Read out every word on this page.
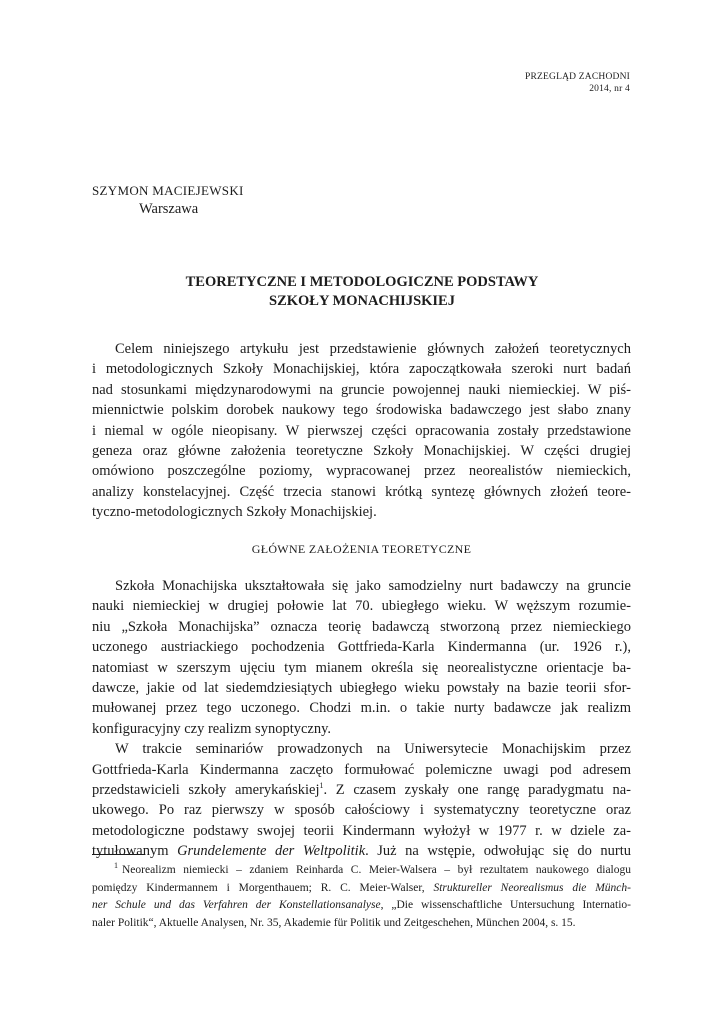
PRZEGLĄD ZACHODNI
2014, nr 4
SZYMON MACIEJEWSKI
Warszawa
TEORETYCZNE I METODOLOGICZNE PODSTAWY
SZKOŁY MONACHIJSKIEJ
Celem niniejszego artykułu jest przedstawienie głównych założeń teoretycznych
i metodologicznych Szkoły Monachijskiej, która zapoczątkowała szeroki nurt badań
nad stosunkami międzynarodowymi na gruncie powojennej nauki niemieckiej. W piś-
miennictwie polskim dorobek naukowy tego środowiska badawczego jest słabo znany
i niemal w ogóle nieopisany. W pierwszej części opracowania zostały przedstawione
geneza oraz główne założenia teoretyczne Szkoły Monachijskiej. W części drugiej
omówiono poszczególne poziomy, wypracowanej przez neorealistów niemieckich,
analizy konstelacyjnej. Część trzecia stanowi krótką syntezę głównych złożeń teore-
tyczno-metodologicznych Szkoły Monachijskiej.
GŁÓWNE ZAŁOŻENIA TEORETYCZNE
Szkoła Monachijska ukształtowała się jako samodzielny nurt badawczy na gruncie
nauki niemieckiej w drugiej połowie lat 70. ubiegłego wieku. W węższym rozumie-
niu „Szkoła Monachijska” oznacza teorię badawczą stworzoną przez niemieckiego
uczonego austriackiego pochodzenia Gottfrieda-Karla Kindermanna (ur. 1926 r.),
natomiast w szerszym ujęciu tym mianem określa się neorealistyczne orientacje ba-
dawcze, jakie od lat siedemdziesiątych ubiegłego wieku powstały na bazie teorii sfor-
mułowanej przez tego uczonego. Chodzi m.in. o takie nurty badawcze jak realizm
konfiguracyjny czy realizm synoptyczny.
W trakcie seminariów prowadzonych na Uniwersytecie Monachijskim przez
Gottfrieda-Karla Kindermanna zaczęto formułować polemiczne uwagi pod adresem
przedstawicieli szkoły amerykańskiej$^1$. Z czasem zyskały one rangę paradygmatu na-
ukowego. Po raz pierwszy w sposób całościowy i systematyczny teoretyczne oraz
metodologiczne podstawy swojej teorii Kindermann wyłożył w 1977 r. w dziele za-
tytułowanym Grundelemente der Weltpolitik. Już na wstępie, odwołując się do nurtu
$^1$ Neorealizm niemiecki – zdaniem Reinharda C. Meier-Walsera – był rezultatem naukowego dialogu
pomiędzy Kindermannem i Morgenthauem; R. C. Meier-Walser, Struktureller Neorealismus die Münch-
ner Schule und das Verfahren der Konstellationsanalyse, „Die wissenschaftliche Untersuchung Internatio-
naler Politik“, Aktuelle Analysen, Nr. 35, Akademie für Politik und Zeitgeschehen, München 2004, s. 15.
